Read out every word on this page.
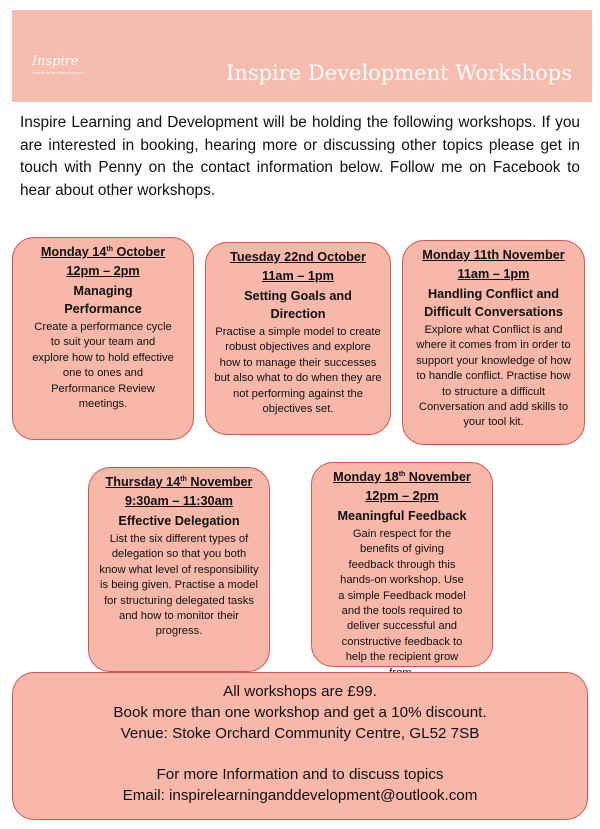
Inspire
Learning and Development	Inspire Development Workshops
Inspire Learning and Development will be holding the following workshops. If you are interested in booking, hearing more or discussing other topics please get in touch with Penny on the contact information below. Follow me on Facebook to hear about other workshops.
Monday 14th October
12pm – 2pm
Managing Performance
Create a performance cycle to suit your team and explore how to hold effective one to ones and Performance Review meetings.
Tuesday 22nd October
11am – 1pm
Setting Goals and Direction
Practise a simple model to create robust objectives and explore how to manage their successes but also what to do when they are not performing against the objectives set.
Monday 11th November
11am – 1pm
Handling Conflict and Difficult Conversations
Explore what Conflict is and where it comes from in order to support your knowledge of how to handle conflict. Practise how to structure a difficult Conversation and add skills to your tool kit.
Thursday 14th November
9:30am – 11:30am
Effective Delegation
List the six different types of delegation so that you both know what level of responsibility is being given. Practise a model for structuring delegated tasks and how to monitor their progress.
Monday 18th November
12pm – 2pm
Meaningful Feedback
Gain respect for the benefits of giving feedback through this hands-on workshop. Use a simple Feedback model and the tools required to deliver successful and constructive feedback to help the recipient grow
All workshops are £99.
Book more than one workshop and get a 10% discount.
Venue: Stoke Orchard Community Centre, GL52 7SB
For more Information and to discuss topics
Email: inspirelearninganddevelopment@outlook.com
